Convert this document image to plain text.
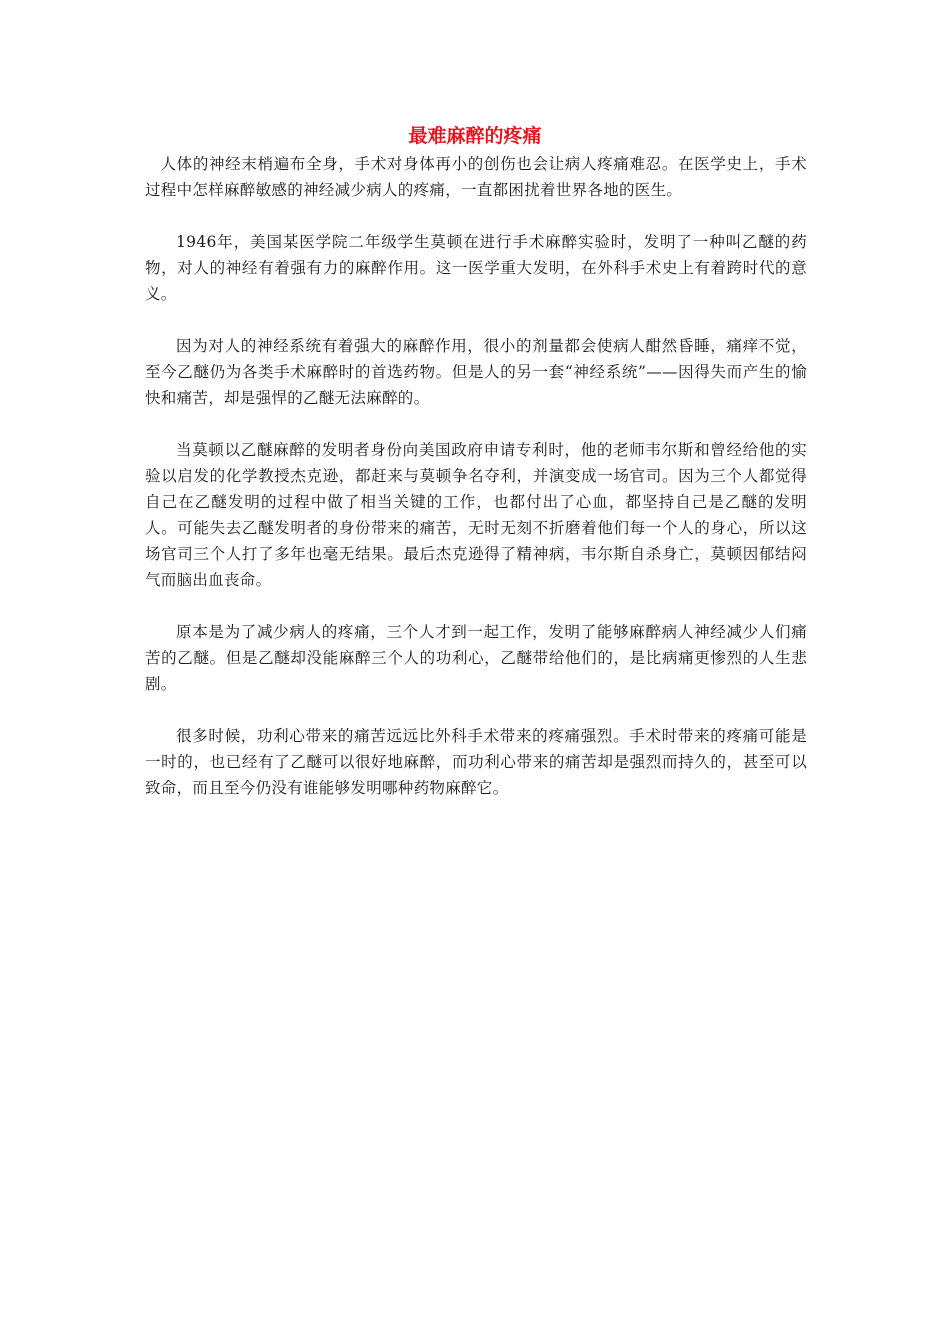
最难麻醉的疼痛

人体的神经末梢遍布全身，手术对身体再小的创伤也会让病人疼痛难忍。在医学史上，手术过程中怎样麻醉敏感的神经减少病人的疼痛，一直都困扰着世界各地的医生。

1946年，美国某医学院二年级学生莫顿在进行手术麻醉实验时，发明了一种叫乙醚的药物，对人的神经有着强有力的麻醉作用。这一医学重大发明，在外科手术史上有着跨时代的意义。

因为对人的神经系统有着强大的麻醉作用，很小的剂量都会使病人酣然昏睡，痛痒不觉，至今乙醚仍为各类手术麻醉时的首选药物。但是人的另一套“神经系统”——因得失而产生的愉快和痛苦，却是强悍的乙醚无法麻醉的。

当莫顿以乙醚麻醉的发明者身份向美国政府申请专利时，他的老师韦尔斯和曾经给他的实验以启发的化学教授杰克逊，都赶来与莫顿争名夺利，并演变成一场官司。因为三个人都觉得自己在乙醚发明的过程中做了相当关键的工作，也都付出了心血，都坚持自己是乙醚的发明人。可能失去乙醚发明者的身份带来的痛苦，无时无刻不折磨着他们每一个人的身心，所以这场官司三个人打了多年也毫无结果。最后杰克逊得了精神病，韦尔斯自杀身亡，莫顿因郁结闷气而脑出血丧命。

原本是为了减少病人的疼痛，三个人才到一起工作，发明了能够麻醉病人神经减少人们痛苦的乙醚。但是乙醚却没能麻醉三个人的功利心，乙醚带给他们的，是比病痛更惨烈的人生悲剧。

很多时候，功利心带来的痛苦远远比外科手术带来的疼痛强烈。手术时带来的疼痛可能是一时的，也已经有了乙醚可以很好地麻醉，而功利心带来的痛苦却是强烈而持久的，甚至可以致命，而且至今仍没有谁能够发明哪种药物麻醉它。
